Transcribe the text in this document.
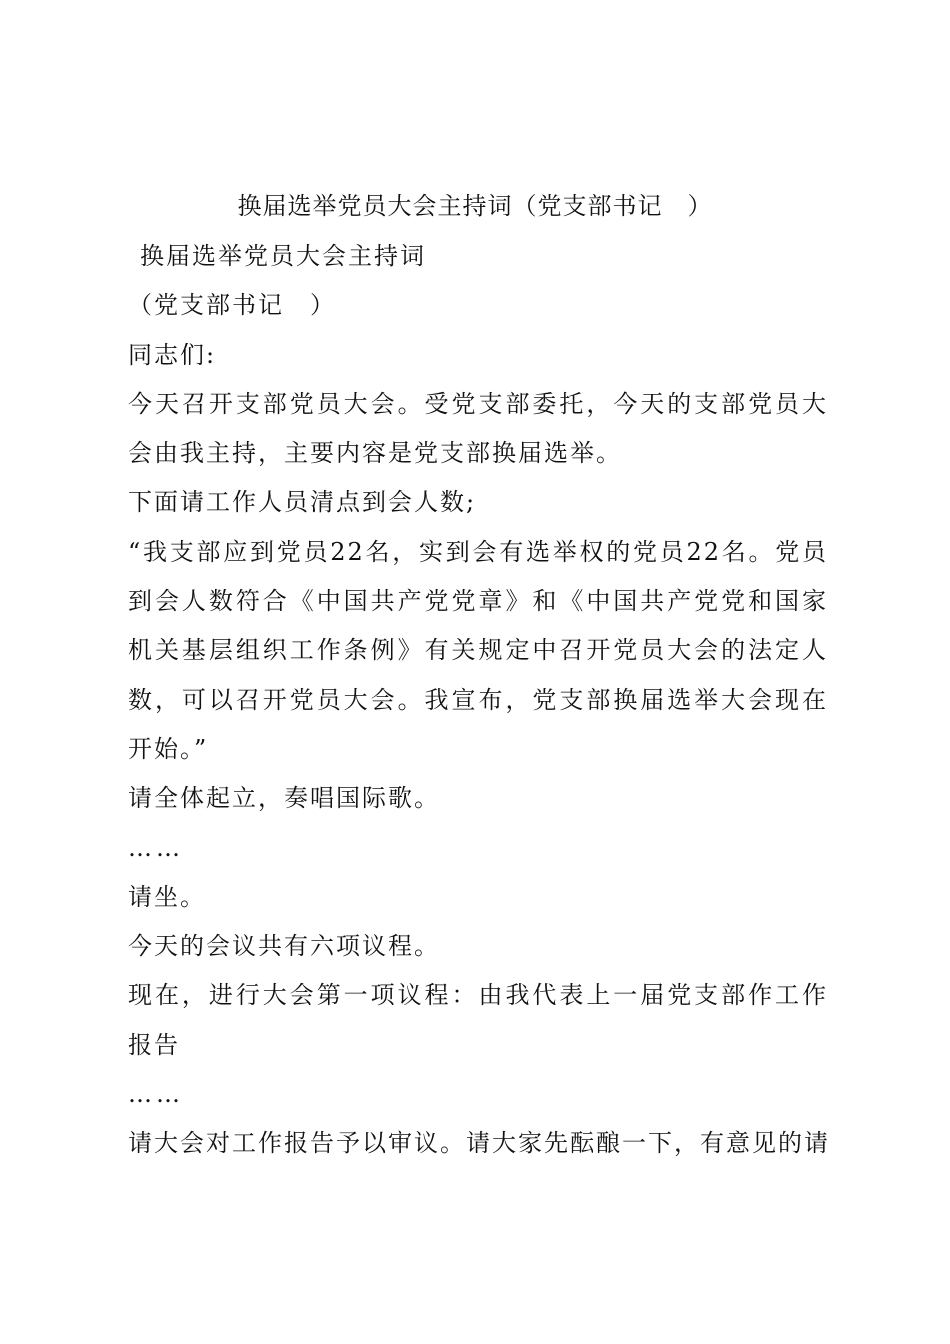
换届选举党员大会主持词（党支部书记　）

换届选举党员大会主持词

（党支部书记　）

同志们:

今天召开支部党员大会。受党支部委托，今天的支部党员大会由我主持，主要内容是党支部换届选举。

下面请工作人员清点到会人数;

“我支部应到党员22名，实到会有选举权的党员22名。党员到会人数符合《中国共产党党章》和《中国共产党党和国家机关基层组织工作条例》有关规定中召开党员大会的法定人数，可以召开党员大会。我宣布，党支部换届选举大会现在开始。”

请全体起立，奏唱国际歌。

……

请坐。

今天的会议共有六项议程。

现在，进行大会第一项议程：由我代表上一届党支部作工作报告

……

请大会对工作报告予以审议。请大家先酝酿一下，有意见的请
